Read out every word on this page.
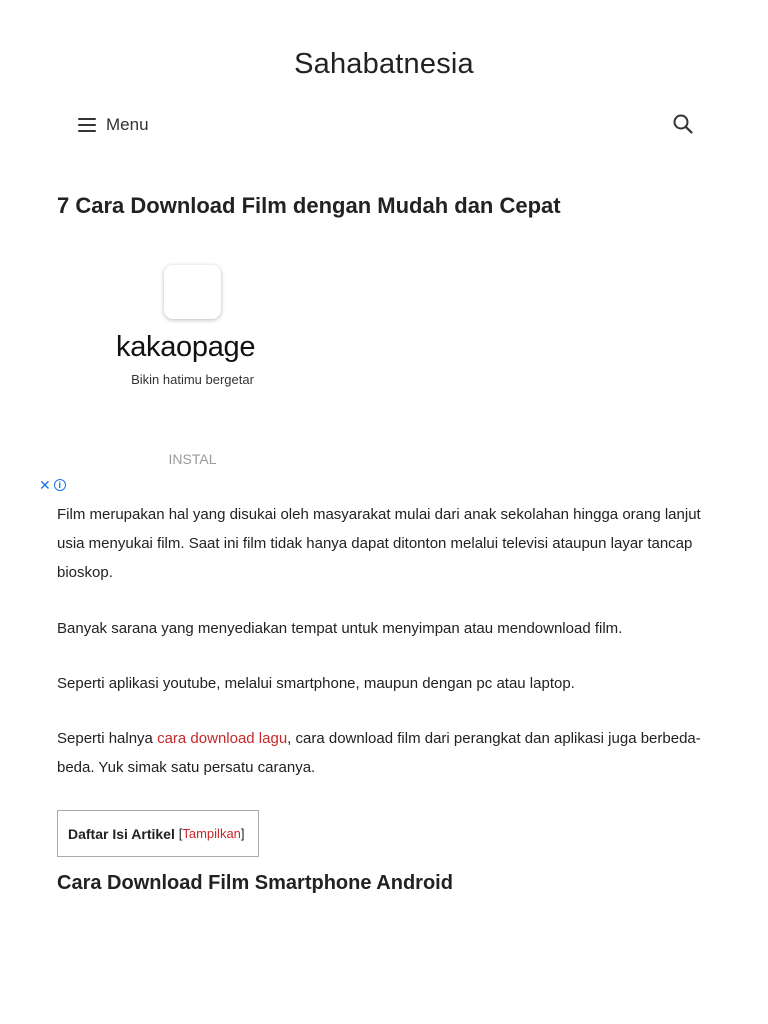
Sahabatnesia
Menu
7 Cara Download Film dengan Mudah dan Cepat
kakaopage
Bikin hatimu bergetar
INSTAL
✕ i

Film merupakan hal yang disukai oleh masyarakat mulai dari anak sekolahan hingga orang lanjut usia menyukai film. Saat ini film tidak hanya dapat ditonton melalui televisi ataupun layar tancap bioskop.

Banyak sarana yang menyediakan tempat untuk menyimpan atau mendownload film.

Seperti aplikasi youtube, melalui smartphone, maupun dengan pc atau laptop.

Seperti halnya cara download lagu, cara download film dari perangkat dan aplikasi juga berbeda-beda. Yuk simak satu persatu caranya.

Daftar Isi Artikel
[ Tampilkan ]
Cara Download Film Smartphone Android
